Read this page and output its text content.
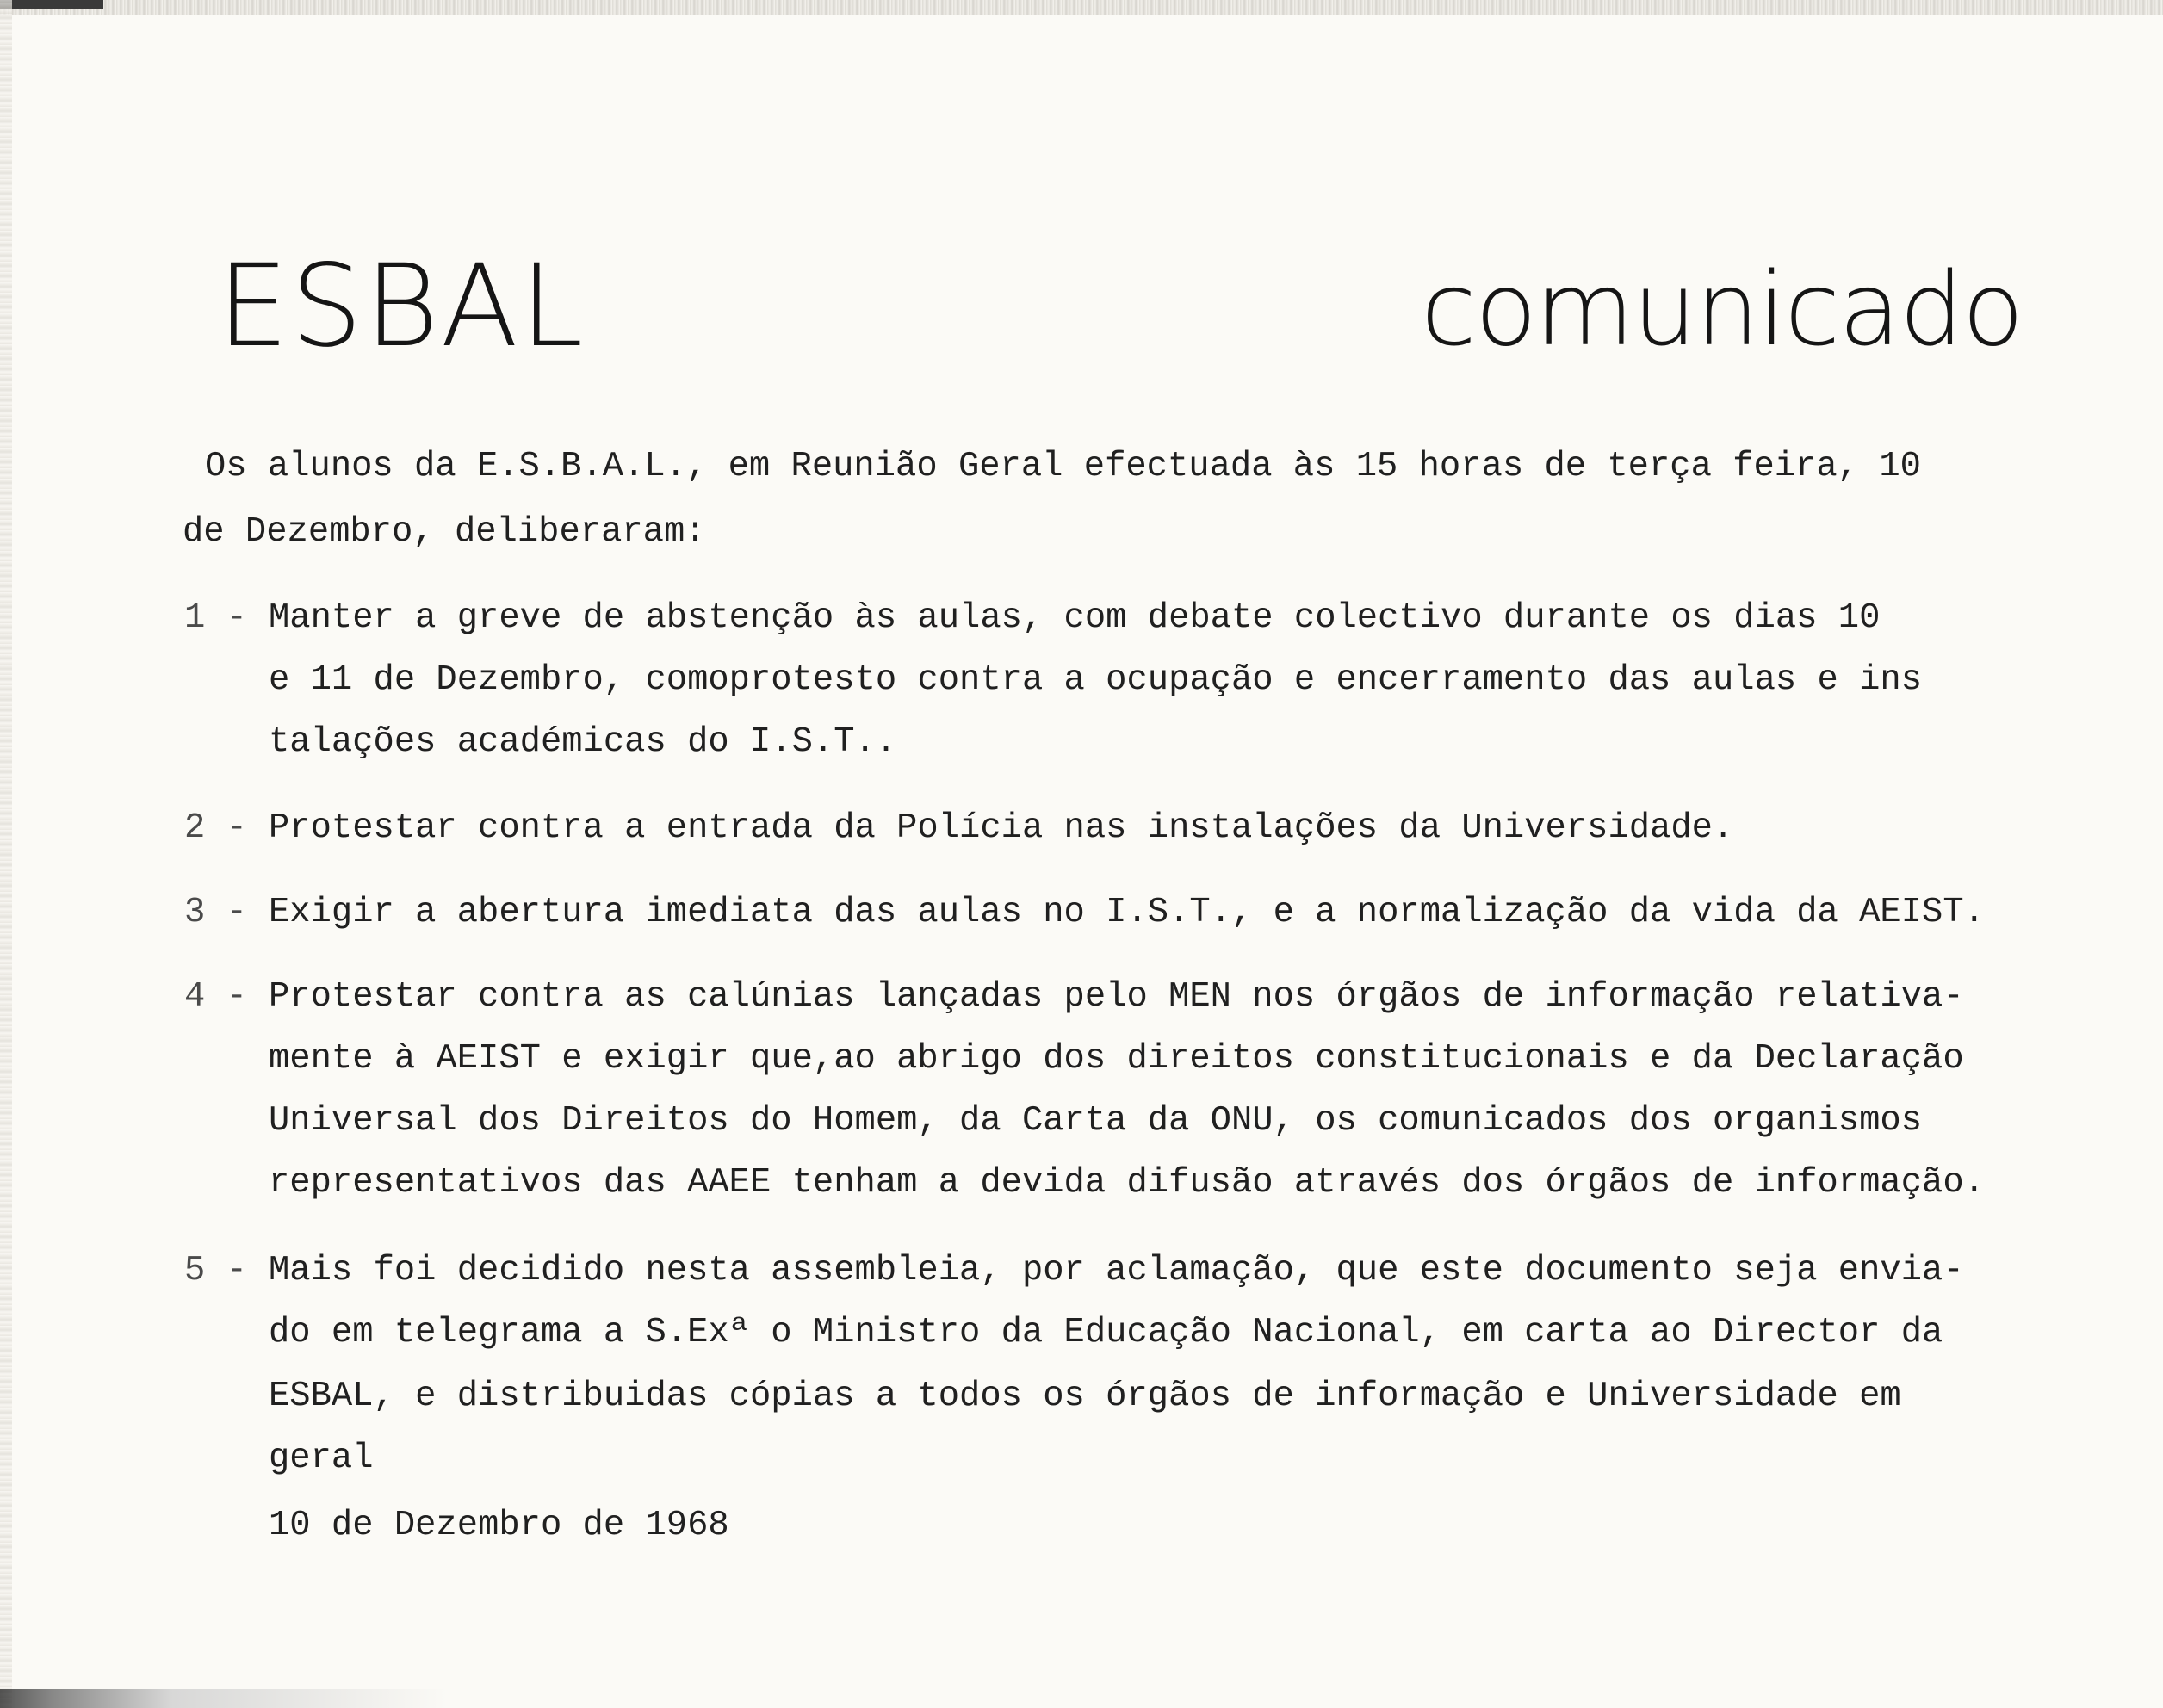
ESBAL	comunicado
Os alunos da E.S.B.A.L., em Reunião Geral efectuada às 15 horas de terça feira, 10
de Dezembro, deliberaram:
1 - Manter a greve de abstenção às aulas, com debate colectivo durante os dias 10
e 11 de Dezembro, comoprotesto contra a ocupação e encerramento das aulas e ins
talações académicas do I.S.T..
2 - Protestar contra a entrada da Polícia nas instalações da Universidade.
3 - Exigir a abertura imediata das aulas no I.S.T., e a normalização da vida da AEIST.
4 - Protestar contra as calúnias lançadas pelo MEN nos órgãos de informação relativa-
mente à AEIST e exigir que,ao abrigo dos direitos constitucionais e da Declaração
Universal dos Direitos do Homem, da Carta da ONU, os comunicados dos organismos
representativos das AAEE tenham a devida difusão através dos órgãos de informação.
5 - Mais foi decidido nesta assembleia, por aclamação, que este documento seja envia-
do em telegrama a S.Exª o Ministro da Educação Nacional, em carta ao Director da
ESBAL, e distribuidas cópias a todos os órgãos de informação e Universidade em
geral
10 de Dezembro de 1968
